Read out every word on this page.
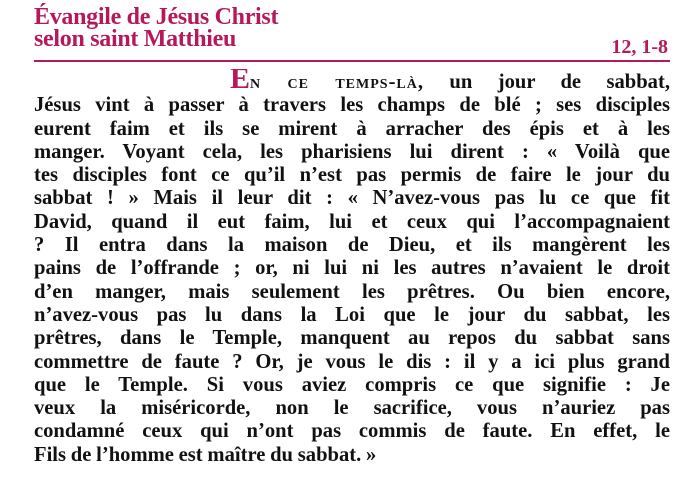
Évangile de Jésus Christ
selon saint Matthieu	12, 1-8
En ce temps-là, un jour de sabbat,
Jésus vint à passer à travers les champs de blé ; ses disciples
eurent faim et ils se mirent à arracher des épis et à les
manger. Voyant cela, les pharisiens lui dirent : « Voilà que
tes disciples font ce qu’il n’est pas permis de faire le jour du
sabbat ! » Mais il leur dit : « N’avez-vous pas lu ce que fit
David, quand il eut faim, lui et ceux qui l’accompagnaient
? Il entra dans la maison de Dieu, et ils mangèrent les
pains de l’offrande ; or, ni lui ni les autres n’avaient le droit
d’en manger, mais seulement les prêtres. Ou bien encore,
n’avez-vous pas lu dans la Loi que le jour du sabbat, les
prêtres, dans le Temple, manquent au repos du sabbat sans
commettre de faute ? Or, je vous le dis : il y a ici plus grand
que le Temple. Si vous aviez compris ce que signifie : Je
veux la miséricorde, non le sacrifice, vous n’auriez pas
condamné ceux qui n’ont pas commis de faute. En effet, le
Fils de l’homme est maître du sabbat. »
